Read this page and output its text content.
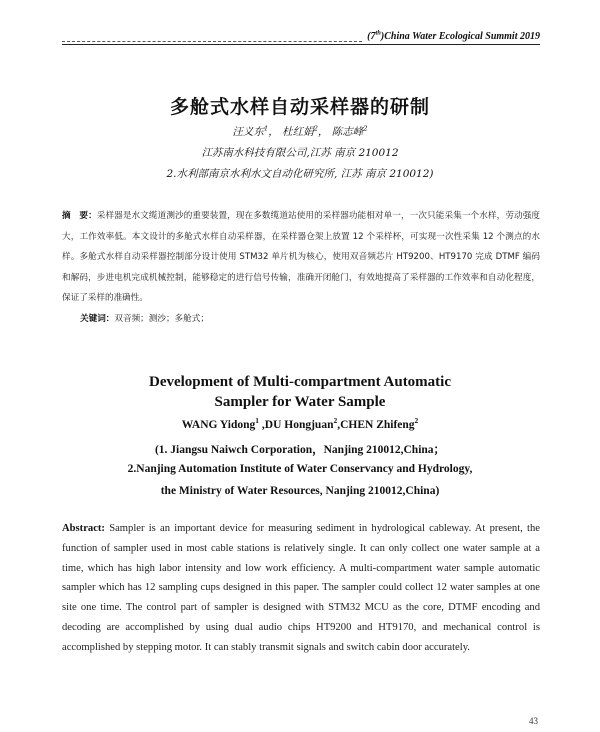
(7th)China Water Ecological Summit 2019
多舱式水样自动采样器的研制
汪义东$^1$， 杜红娟$^2$， 陈志峰$^2$
江苏南水科技有限公司,江苏 南京 210012
2.水利部南京水利水文自动化研究所, 江苏 南京 210012)
摘　要：采样器是水文缆道测沙的重要装置，现在多数缆道站使用的采样器功能相对单一，一次只能采集一个水样，劳动强度大，工作效率低。本文设计的多舱式水样自动采样器，在采样器仓架上放置 12 个采样杯，可实现一次性采集 12 个测点的水样。多舱式水样自动采样器控制部分设计使用 STM32 单片机为核心，使用双音频芯片 HT9200、HT9170 完成 DTMF 编码和解码，步进电机完成机械控制，能够稳定的进行信号传输，准确开闭舱门，有效地提高了采样器的工作效率和自动化程度，保证了采样的准确性。
关键词：双音频；测沙；多舱式；
Development of Multi-compartment Automatic
Sampler for Water Sample
WANG Yidong$^1$ ,DU Hongjuan$^2$,CHEN Zhifeng$^2$
(1. Jiangsu Naiwch Corporation，Nanjing 210012,China；
2.Nanjing Automation Institute of Water Conservancy and Hydrology,
the Ministry of Water Resources, Nanjing 210012,China)
Abstract: Sampler is an important device for measuring sediment in hydrological cableway. At present, the function of sampler used in most cable stations is relatively single. It can only collect one water sample at a time, which has high labor intensity and low work efficiency. A multi-compartment water sample automatic sampler which has 12 sampling cups designed in this paper. The sampler could collect 12 water samples at one site one time. The control part of sampler is designed with STM32 MCU as the core, DTMF encoding and decoding are accomplished by using dual audio chips HT9200 and HT9170, and mechanical control is accomplished by stepping motor. It can stably transmit signals and switch cabin door accurately.
43
